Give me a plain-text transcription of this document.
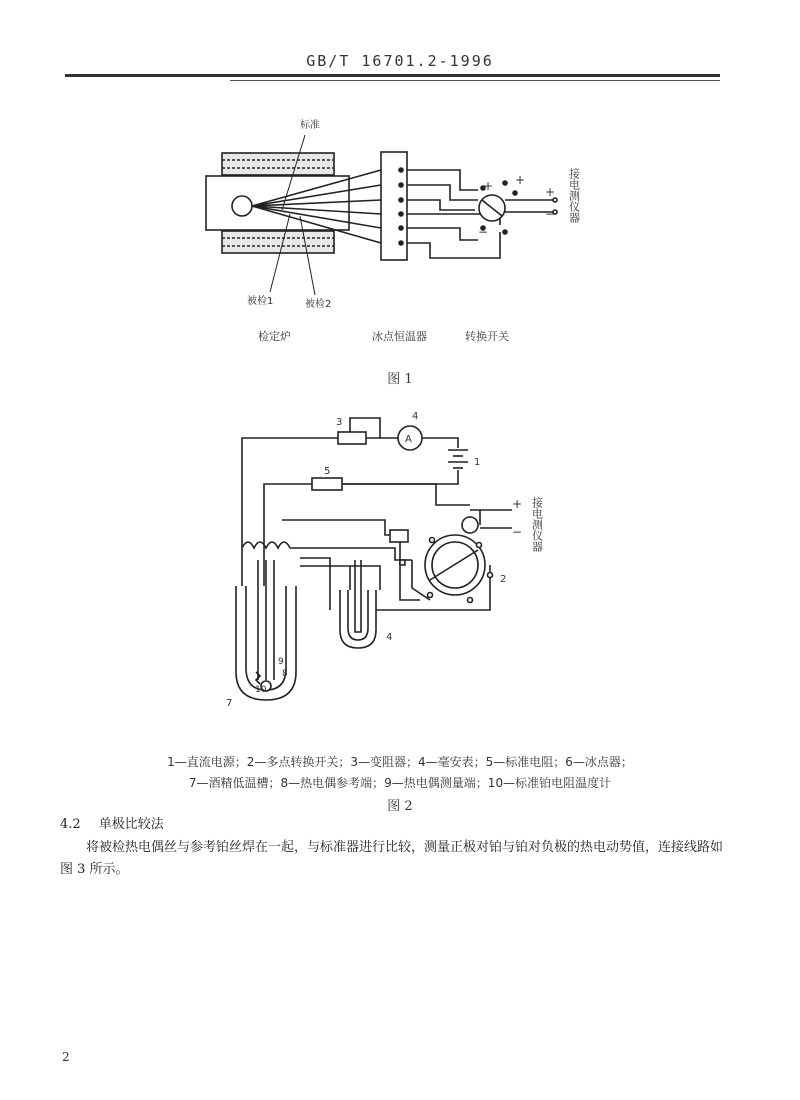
GB/T 16701.2-1996
标准
被检1	被检2
检定炉	冰点恒温器	转换开关
+ +
+
−
−
接电测仪器
3
4
A
1
5
2
4
7
8
9
10
+
− 接电测仪器
图 1
1—直流电源；2—多点转换开关；3—变阻器；4—毫安表；5—标准电阻；6—冰点器；
7—酒精低温槽；8—热电偶参考端；9—热电偶测量端；10—标准铂电阻温度计
图 2
4.2 单极比较法
将被检热电偶丝与参考铂丝焊在一起，与标准器进行比较，测量正极对铂与铂对负极的热电动势值，连接线路如图 3 所示。
2
